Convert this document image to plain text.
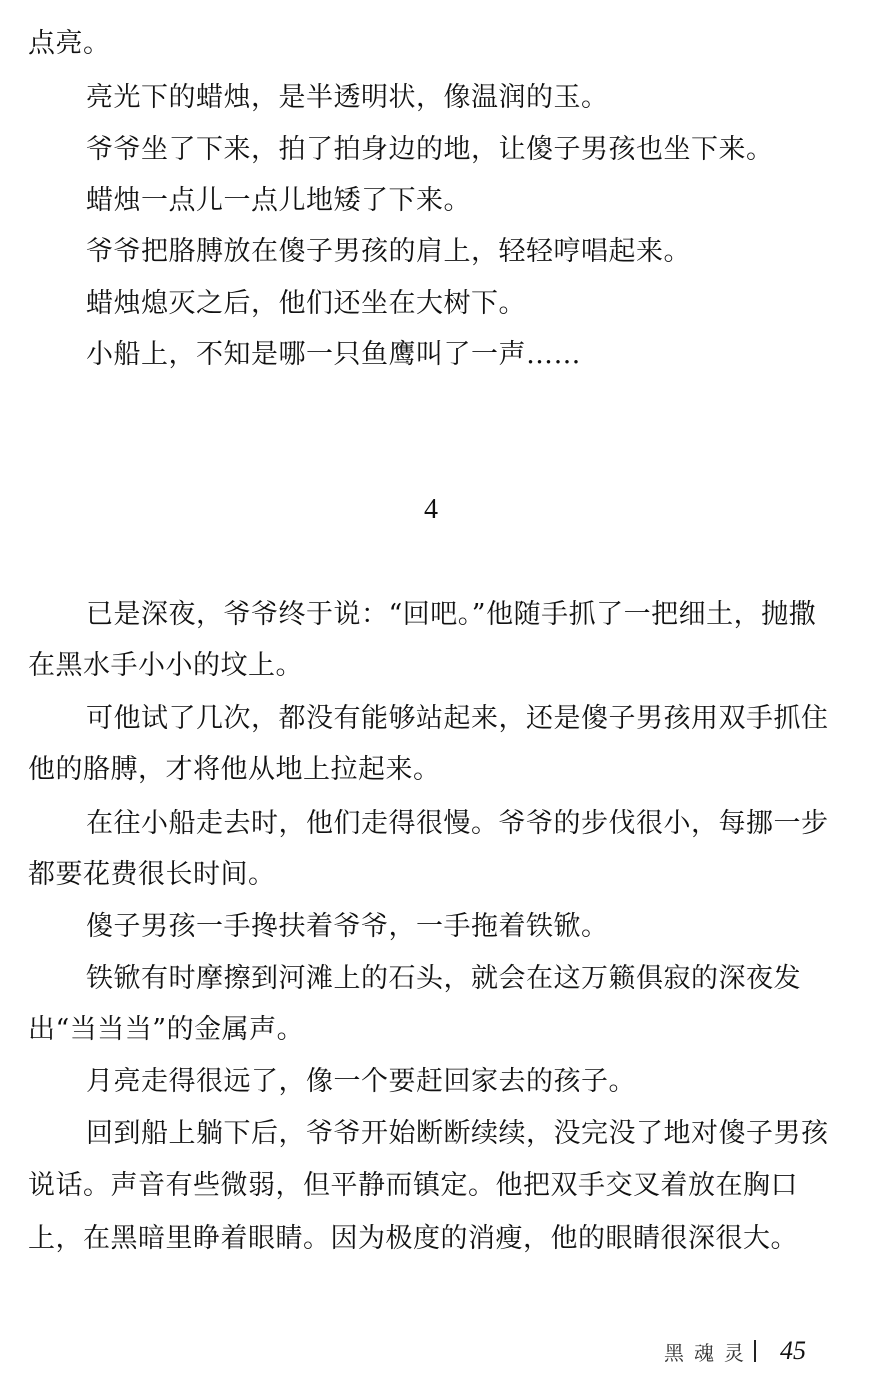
点亮。
亮光下的蜡烛，是半透明状，像温润的玉。
爷爷坐了下来，拍了拍身边的地，让傻子男孩也坐下来。
蜡烛一点儿一点儿地矮了下来。
爷爷把胳膊放在傻子男孩的肩上，轻轻哼唱起来。
蜡烛熄灭之后，他们还坐在大树下。
小船上，不知是哪一只鱼鹰叫了一声……
4
已是深夜，爷爷终于说：“回吧。”他随手抓了一把细土，抛撒
在黑水手小小的坟上。
可他试了几次，都没有能够站起来，还是傻子男孩用双手抓住
他的胳膊，才将他从地上拉起来。
在往小船走去时，他们走得很慢。爷爷的步伐很小，每挪一步
都要花费很长时间。
傻子男孩一手搀扶着爷爷，一手拖着铁锨。
铁锨有时摩擦到河滩上的石头，就会在这万籁俱寂的深夜发
出“当当当”的金属声。
月亮走得很远了，像一个要赶回家去的孩子。
回到船上躺下后，爷爷开始断断续续，没完没了地对傻子男孩
说话。声音有些微弱，但平静而镇定。他把双手交叉着放在胸口
上，在黑暗里睁着眼睛。因为极度的消瘦，他的眼睛很深很大。
黑魂灵 45
